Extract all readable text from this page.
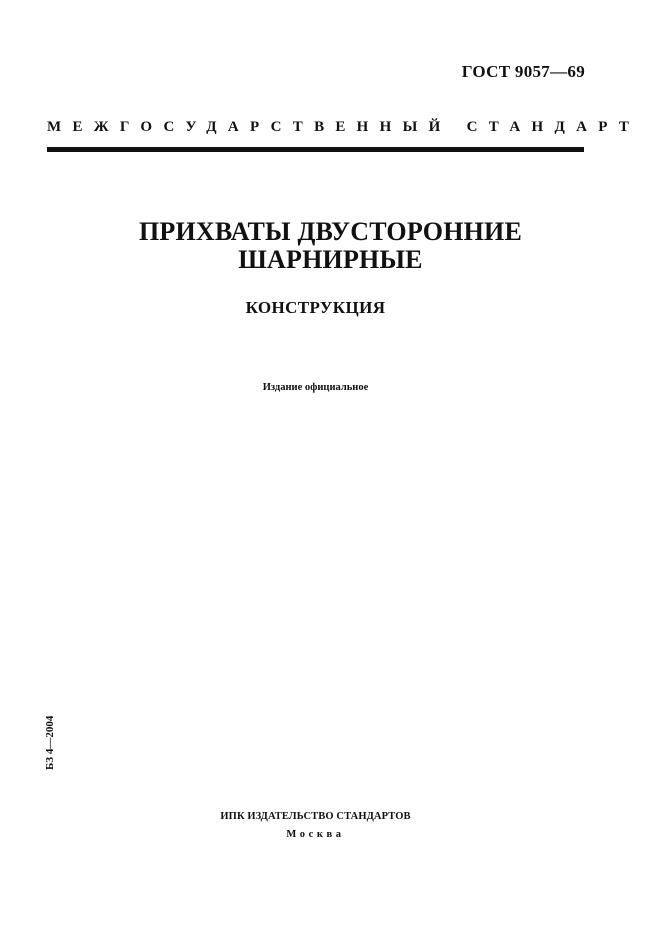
ГОСТ 9057—69
МЕЖГОСУДАРСТВЕННЫЙ СТАНДАРТ
ПРИХВАТЫ ДВУСТОРОННИЕ
ШАРНИРНЫЕ
КОНСТРУКЦИЯ
Издание официальное
БЗ 4—2004
ИПК ИЗДАТЕЛЬСТВО СТАНДАРТОВ
Москва
